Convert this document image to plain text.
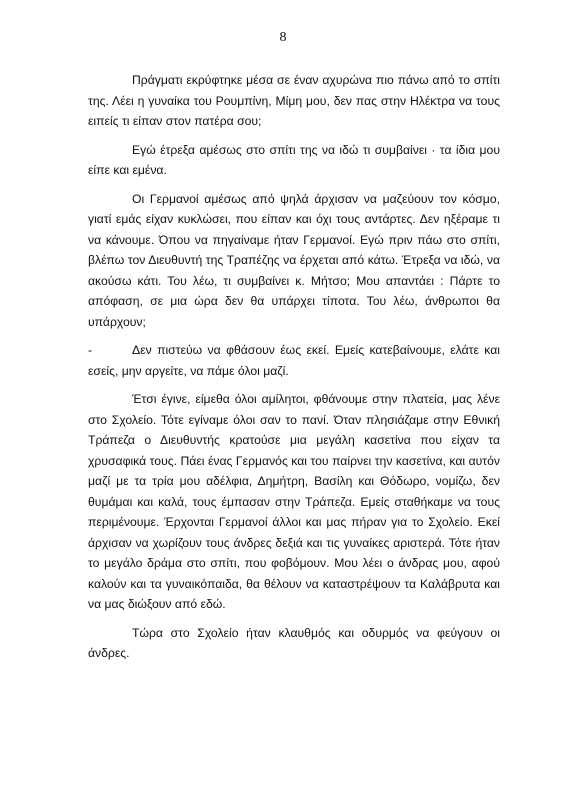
8

Πράγματι εκρύφτηκε μέσα σε έναν αχυρώνα πιο πάνω από το σπίτι της. Λέει η γυναίκα του Ρουμπίνη, Μίμη μου, δεν πας στην Ηλέκτρα να τους ειπείς τι είπαν στον πατέρα σου;

Εγώ έτρεξα αμέσως στο σπίτι της να ιδώ τι συμβαίνει · τα ίδια μου είπε και εμένα.

Οι Γερμανοί αμέσως από ψηλά άρχισαν να μαζεύουν τον κόσμο, γιατί εμάς είχαν κυκλώσει, που είπαν και όχι τους αντάρτες. Δεν ηξέραμε τι να κάνουμε. Όπου να πηγαίναμε ήταν Γερμανοί. Εγώ πριν πάω στο σπίτι, βλέπω τον Διευθυντή της Τραπέζης να έρχεται από κάτω. Έτρεξα να ιδώ, να ακούσω κάτι. Του λέω, τι συμβαίνει κ. Μήτσο; Μου απαντάει : Πάρτε το απόφαση, σε μια ώρα δεν θα υπάρχει τίποτα. Του λέω, άνθρωποι θα υπάρχουν;

-	Δεν πιστεύω να φθάσουν έως εκεί. Εμείς κατεβαίνουμε, ελάτε και εσείς, μην αργείτε, να πάμε όλοι μαζί.

Έτσι έγινε, είμεθα όλοι αμίλητοι, φθάνουμε στην πλατεία, μας λένε στο Σχολείο. Τότε εγίναμε όλοι σαν το πανί. Όταν πλησιάζαμε στην Εθνική Τράπεζα ο Διευθυντής κρατούσε μια μεγάλη κασετίνα που είχαν τα χρυσαφικά τους. Πάει ένας Γερμανός και του παίρνει την κασετίνα, και αυτόν μαζί με τα τρία μου αδέλφια, Δημήτρη, Βασίλη και Θόδωρο, νομίζω, δεν θυμάμαι και καλά, τους έμπασαν στην Τράπεζα. Εμείς σταθήκαμε να τους περιμένουμε. Έρχονται Γερμανοί άλλοι και μας πήραν για το Σχολείο. Εκεί άρχισαν να χωρίζουν τους άνδρες δεξιά και τις γυναίκες αριστερά. Τότε ήταν το μεγάλο δράμα στο σπίτι, που φοβόμουν. Μου λέει ο άνδρας μου, αφού καλούν και τα γυναικόπαιδα, θα θέλουν να καταστρέψουν τα Καλάβρυτα και να μας διώξουν από εδώ.

Τώρα στο Σχολείο ήταν κλαυθμός και οδυρμός να φεύγουν οι άνδρες.
